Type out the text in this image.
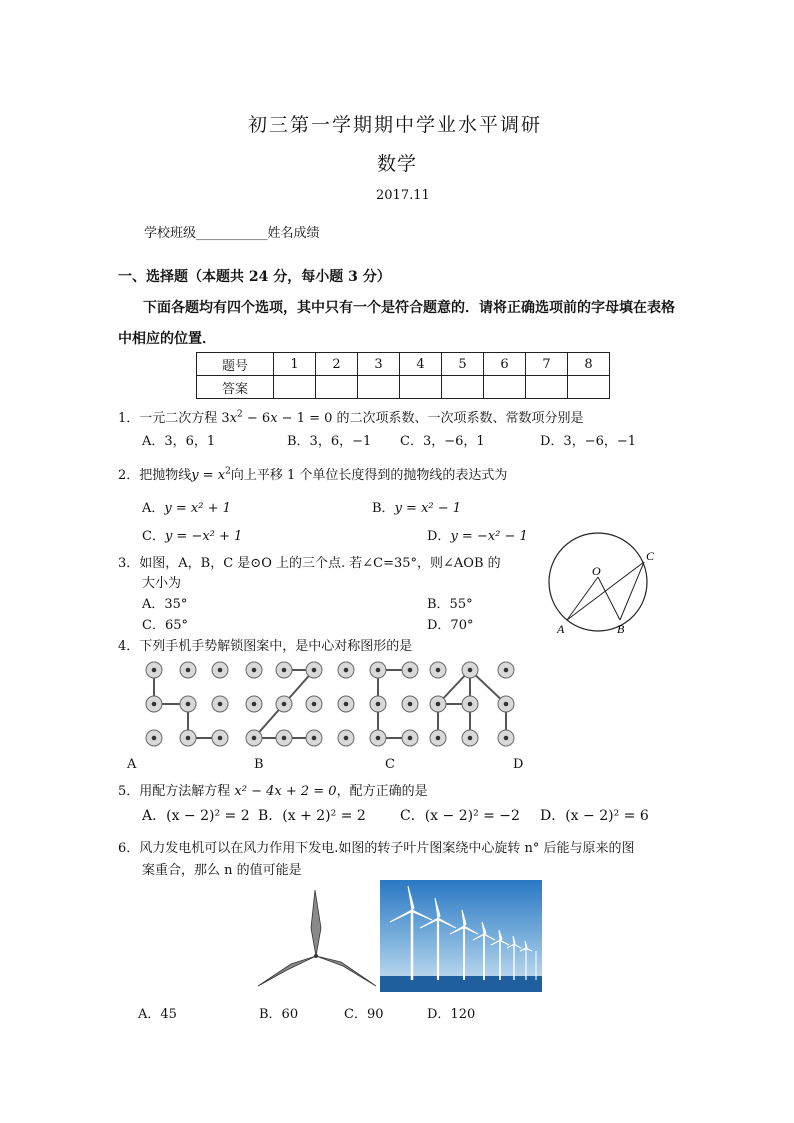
初三第一学期期中学业水平调研
数学
2017.11
学校班级___________姓名成绩
一、选择题（本题共 24 分，每小题 3 分）
下面各题均有四个选项，其中只有一个是符合题意的．请将正确选项前的字母填在表格
中相应的位置．
题号	1	2	3	4	5	6	7	8
答案								
1．一元二次方程 $3x^2 - 6x - 1 = 0$ 的二次项系数、一次项系数、常数项分别是
A．3，6，1	B．3，6，−1 C．3，−6，1	D．3，−6，−1
2．把抛物线$y = x^2$向上平移 1 个单位长度得到的抛物线的表达式为
A．y = x² + 1	B．y = x² − 1
C．y = −x² + 1	D．y = −x² − 1
3．如图，A，B，C 是⊙O 上的三个点. 若∠C=35°，则∠AOB 的
大小为
A．35°	B．55°
C．65°	D．70°
O
A	B
C
4．下列手机手势解锁图案中，是中心对称图形的是
A	B	C	D
5．用配方法解方程 x² − 4x + 2 = 0，配方正确的是
A．(x − 2)² = 2 B．(x + 2)² = 2 C．(x − 2)² = −2 D．(x − 2)² = 6
6．风力发电机可以在风力作用下发电.如图的转子叶片图案绕中心旋转 n° 后能与原来的图
案重合，那么 n 的值可能是
A．45	B．60	C．90	D．120
